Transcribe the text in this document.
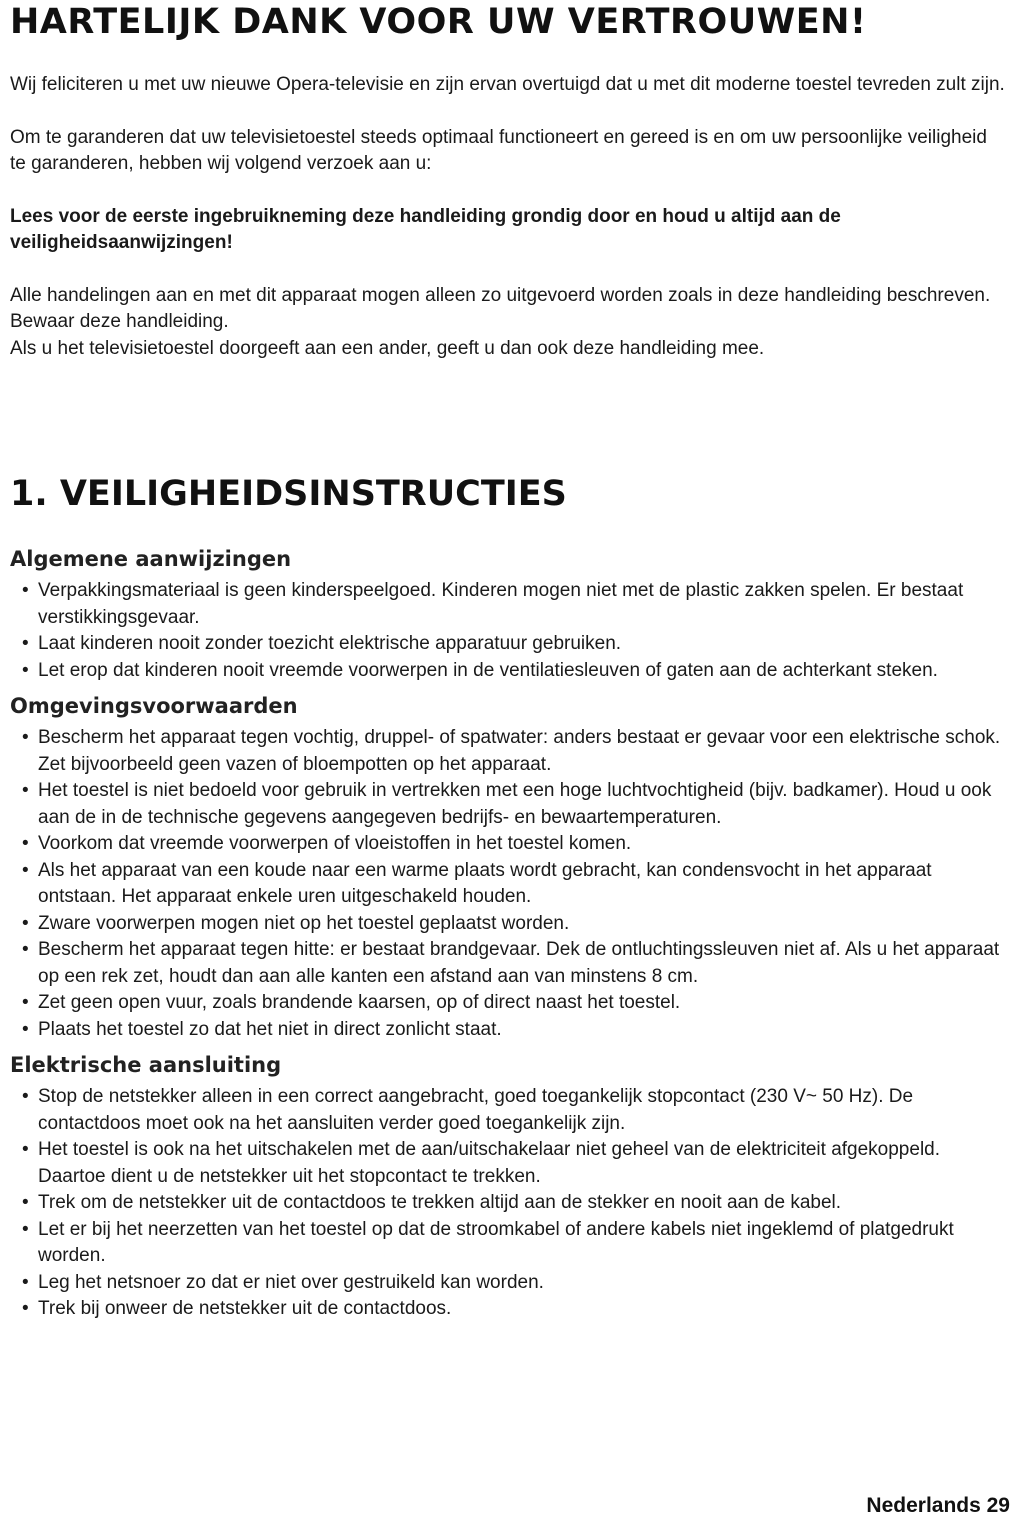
HARTELIJK DANK VOOR UW VERTROUWEN!

Wij feliciteren u met uw nieuwe Opera-televisie en zijn ervan overtuigd dat u met dit moderne toestel tevreden zult zijn.

Om te garanderen dat uw televisietoestel steeds optimaal functioneert en gereed is en om uw persoonlijke veiligheid te garanderen, hebben wij volgend verzoek aan u:

Lees voor de eerste ingebruikneming deze handleiding grondig door en houd u altijd aan de veiligheidsaanwijzingen!

Alle handelingen aan en met dit apparaat mogen alleen zo uitgevoerd worden zoals in deze handleiding beschreven.

Bewaar deze handleiding.

Als u het televisietoestel doorgeeft aan een ander, geeft u dan ook deze handleiding mee.

1. VEILIGHEIDSINSTRUCTIES
Algemene aanwijzingen
• Verpakkingsmateriaal is geen kinderspeelgoed. Kinderen mogen niet met de plastic zakken spelen. Er bestaat verstikkingsgevaar.
• Laat kinderen nooit zonder toezicht elektrische apparatuur gebruiken.
• Let erop dat kinderen nooit vreemde voorwerpen in de ventilatiesleuven of gaten aan de achterkant steken.
Omgevingsvoorwaarden
• Bescherm het apparaat tegen vochtig, druppel- of spatwater: anders bestaat er gevaar voor een elektrische schok. Zet bijvoorbeeld geen vazen of bloempotten op het apparaat.
• Het toestel is niet bedoeld voor gebruik in vertrekken met een hoge luchtvochtigheid (bijv. badkamer). Houd u ook aan de in de technische gegevens aangegeven bedrijfs- en bewaartemperaturen.
• Voorkom dat vreemde voorwerpen of vloeistoffen in het toestel komen.
• Als het apparaat van een koude naar een warme plaats wordt gebracht, kan condensvocht in het apparaat ontstaan. Het apparaat enkele uren uitgeschakeld houden.
• Zware voorwerpen mogen niet op het toestel geplaatst worden.
• Bescherm het apparaat tegen hitte: er bestaat brandgevaar. Dek de ontluchtingssleuven niet af. Als u het apparaat op een rek zet, houdt dan aan alle kanten een afstand aan van minstens 8 cm.
• Zet geen open vuur, zoals brandende kaarsen, op of direct naast het toestel.
• Plaats het toestel zo dat het niet in direct zonlicht staat.
Elektrische aansluiting
• Stop de netstekker alleen in een correct aangebracht, goed toegankelijk stopcontact (230 V~ 50 Hz). De contactdoos moet ook na het aansluiten verder goed toegankelijk zijn.
• Het toestel is ook na het uitschakelen met de aan/uitschakelaar niet geheel van de elektriciteit afgekoppeld. Daartoe dient u de netstekker uit het stopcontact te trekken.
• Trek om de netstekker uit de contactdoos te trekken altijd aan de stekker en nooit aan de kabel.
• Let er bij het neerzetten van het toestel op dat de stroomkabel of andere kabels niet ingeklemd of platgedrukt worden.
• Leg het netsnoer zo dat er niet over gestruikeld kan worden.
• Trek bij onweer de netstekker uit de contactdoos.
Nederlands 29
